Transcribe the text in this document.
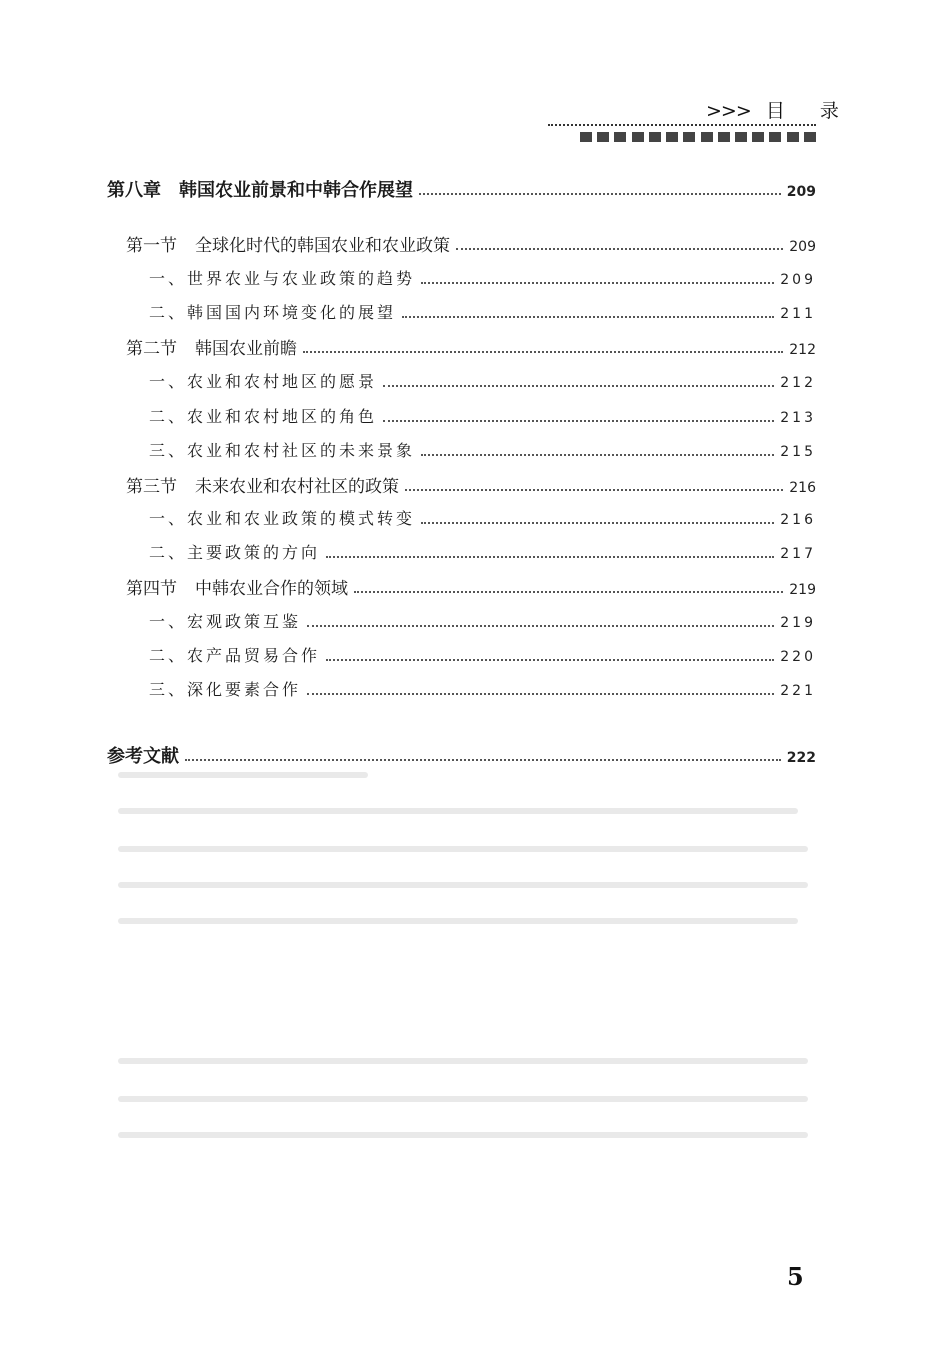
>>> 目 录
第八章 韩国农业前景和中韩合作展望	209
第一节 全球化时代的韩国农业和农业政策	209
一、世界农业与农业政策的趋势	209
二、韩国国内环境变化的展望	211
第二节 韩国农业前瞻	212
一、农业和农村地区的愿景	212
二、农业和农村地区的角色	213
三、农业和农村社区的未来景象	215
第三节 未来农业和农村社区的政策	216
一、农业和农业政策的模式转变	216
二、主要政策的方向	217
第四节 中韩农业合作的领域	219
一、宏观政策互鉴	219
二、农产品贸易合作	220
三、深化要素合作	221
参考文献	222
5
